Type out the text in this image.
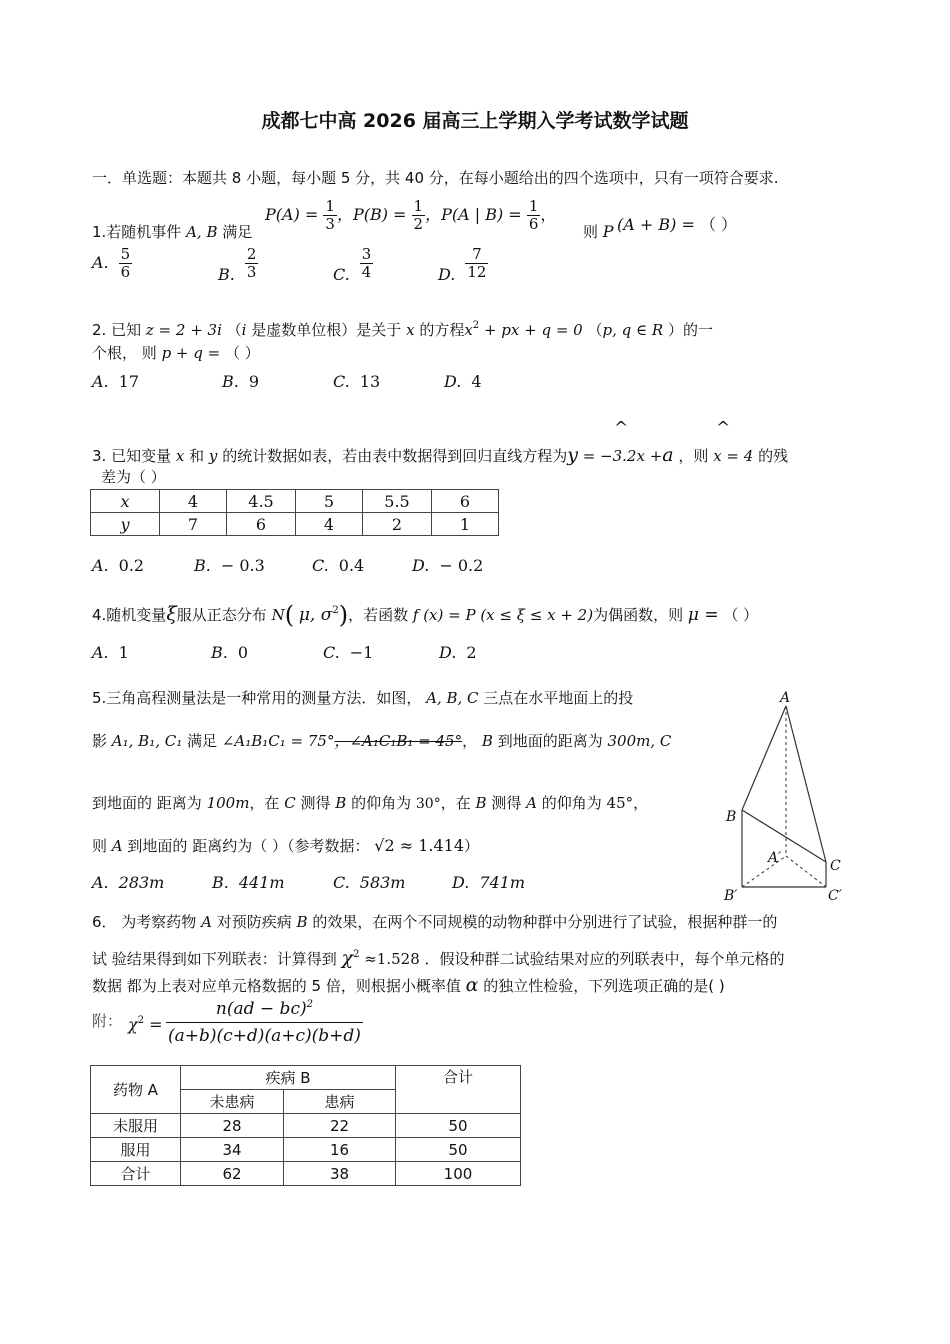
成都七中高 2026 届高三上学期入学考试数学试题
一．单选题：本题共 8 小题，每小题 5 分，共 40 分，在每小题给出的四个选项中，只有一项符合要求.
$P(A) = \frac{1}{3}$ ，$P(B) = \frac{1}{2}$ ，P(A | $B) = \frac{1}{6}$ ，
1.若随机事件 A, B 满足	则 P (A + B) = （ ）
A. $\frac{5}{6}$	B. $\frac{2}{3}$	C. $\frac{3}{4}$	D. $\frac{7}{12}$
2. 已知 z = 2 + 3i （i 是虚数单位根）是关于 x 的方程$x^2$ + px + q = 0 （p, q ∈ R ）的一
个根， 则 p + q = （ ）
A. 17	B. 9	C. 13	D. 4
^	^
3. 已知变量 x 和 y 的统计数据如表，若由表中数据得到回归直线方程为y = −3.2x +a ，则 x = 4 的残
差为（ ）
x	4	4.5	5	5.5	6
y	7	6	4	2	1
A. 0.2	B. − 0.3	C. 0.4	D. − 0.2
4.随机变量ξ服从正态分布 N( μ, $\sigma^2$)，若函数 f (x) = P (x ≤ ξ ≤ x + 2)为偶函数，则 μ = （ ）
A. 1	B. 0	C. −1	D. 2
5.三角高程测量法是一种常用的测量方法．如图， A, B, C 三点在水平地面上的投
影 A₁, B₁, C₁ 满足 ∠A₁B₁C₁ = 75°，∠A₁C₁B₁ = 45°， B 到地面的距离为 300m, C
到地面的 距离为 100m，在 C 测得 B 的仰角为 30°，在 B 测得 A 的仰角为 45°，
则 A 到地面的 距离约为（ ）（参考数据： √2 ≈ 1.414）
A. 283m	B. 441m	C. 583m	D. 741m
A
B
C
A′
B′	C′
6． 为考察药物 A 对预防疾病 B 的效果，在两个不同规模的动物种群中分别进行了试验，根据种群一的
试 验结果得到如下列联表：计算得到 $\chi^2 \approx 1.528$ ．假设种群二试验结果对应的列联表中，每个单元格的
数据 都为上表对应单元格数据的 5 倍，则根据小概率值 α 的独立性检验，下列选项正确的是( )
附： $\chi^2$ =
n(ad − bc)$^2$
(a+b)(c+d)(a+c)(b+d)
药物 A	疾病 B		合计
	未患病	患病	
未服用	28	22	50
服用	34	16	50
合计	62	38	100
